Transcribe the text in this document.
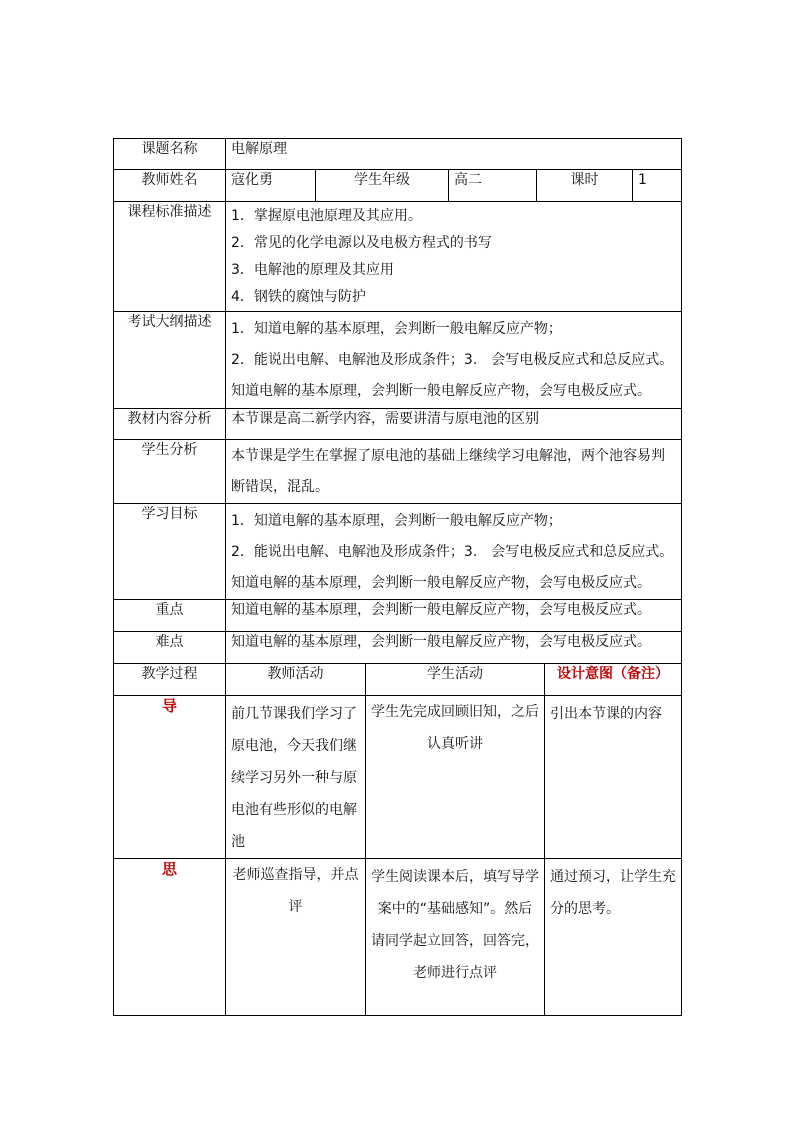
课题名称	电解原理						
教师姓名	寇化勇	学生年级		高二	课时		1
课程标准描述	1．掌握原电池原理及其应用。
2．常见的化学电源以及电极方程式的书写
3．电解池的原理及其应用
4．钢铁的腐蚀与防护						

考试大纲描述	1．知道电解的基本原理，会判断一般电解反应产物；
2．能说出电解、电解池及形成条件；3.　会写电极反应式和总反应式。
知道电解的基本原理，会判断一般电解反应产物，会写电极反应式。						

教材内容分析	本节课是高二新学内容，需要讲清与原电池的区别						
学生分析	本节课是学生在掌握了原电池的基础上继续学习电解池，两个池容易判断错误，混乱。						
学习目标	1．知道电解的基本原理，会判断一般电解反应产物；
2．能说出电解、电解池及形成条件；3.　会写电极反应式和总反应式。
知道电解的基本原理，会判断一般电解反应产物，会写电极反应式。						

重点	知道电解的基本原理，会判断一般电解反应产物，会写电极反应式。						
难点	知道电解的基本原理，会判断一般电解反应产物，会写电极反应式。						
教学过程	教师活动		学生活动			设计意图（备注）	
导	前几节课我们学习了原电池，今天我们继续学习另外一种与原电池有些形似的电解池		学生先完成回顾旧知，之后认真听讲			引出本节课的内容	

思	老师巡查指导，并点评		学生阅读课本后，填写导学案中的“基础感知”。然后请同学起立回答，回答完，老师进行点评			通过预习，让学生充分的思考。	
